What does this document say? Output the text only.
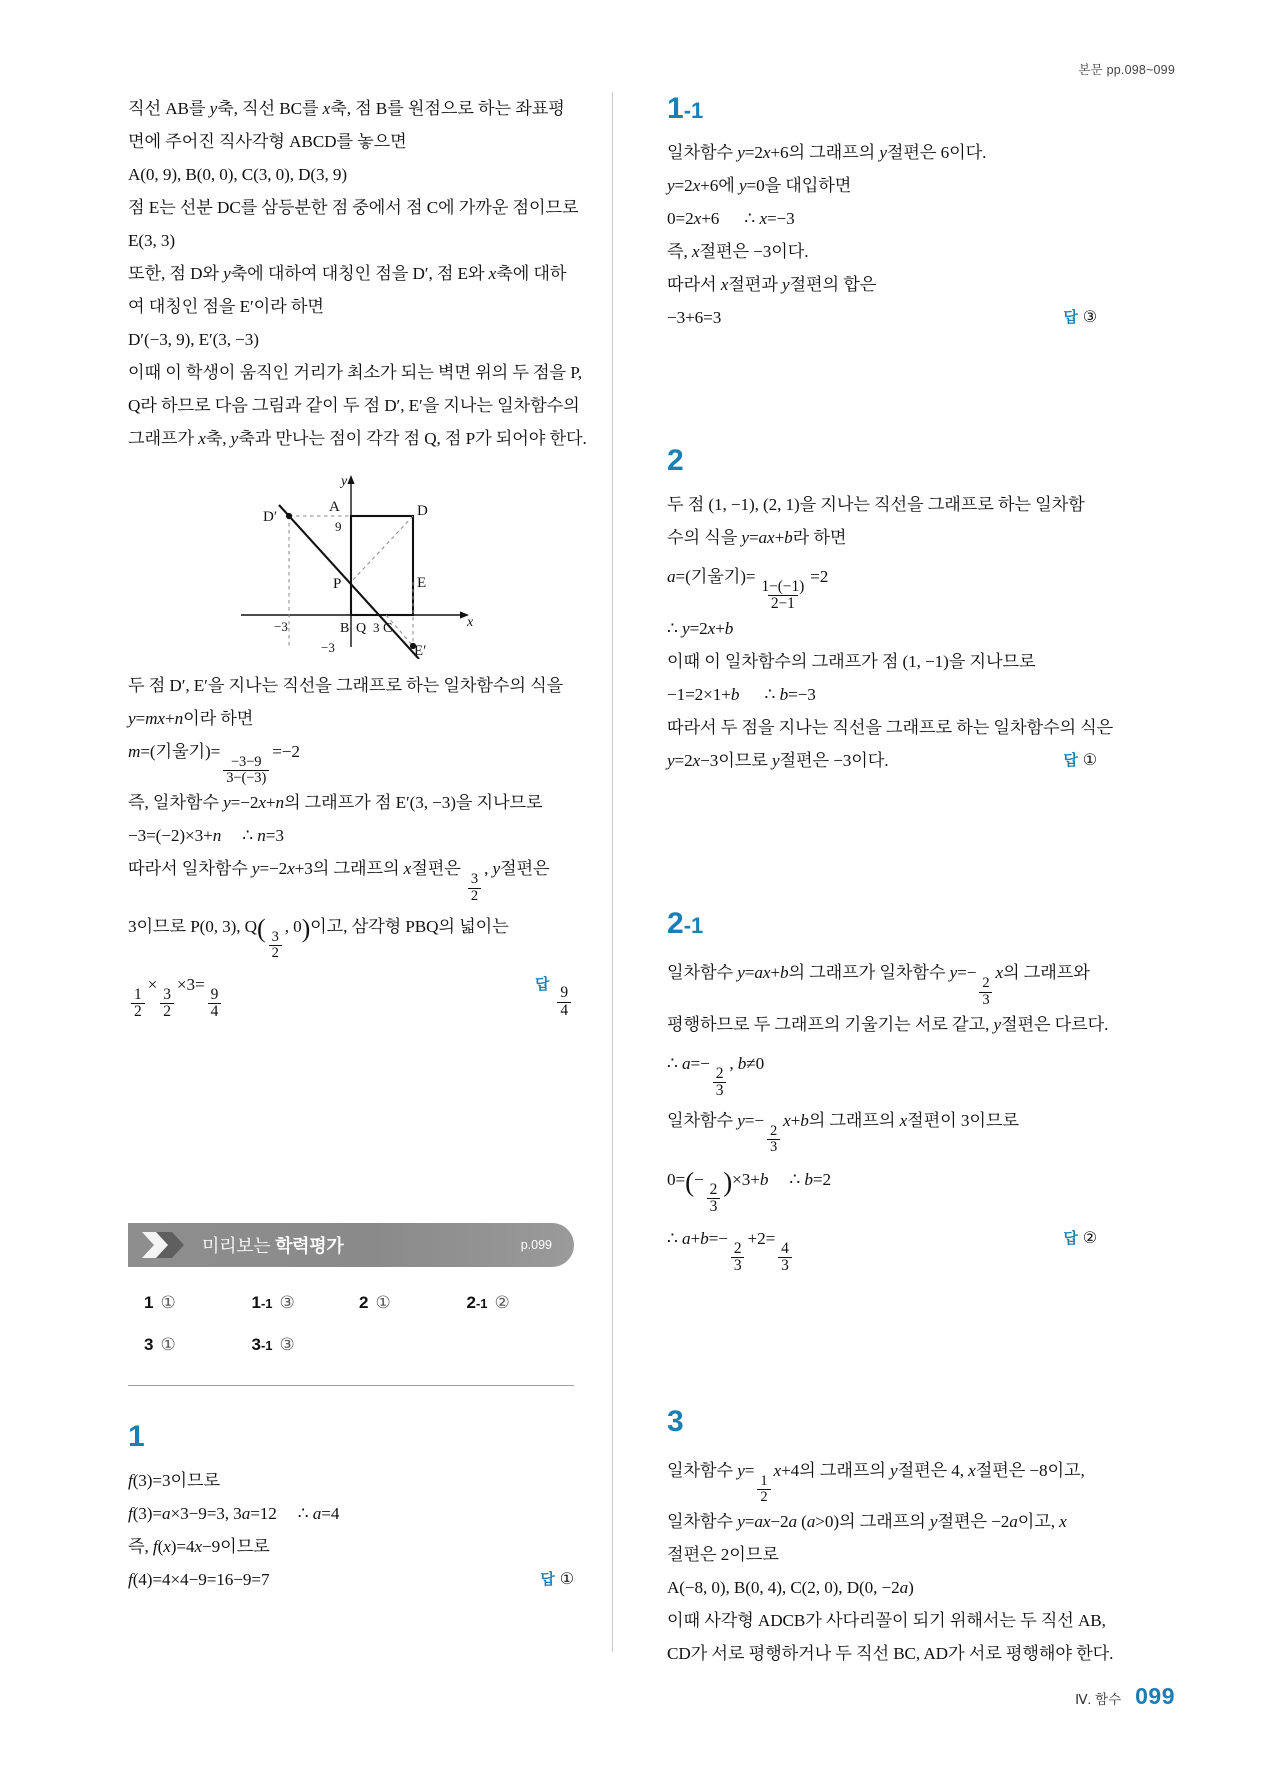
본문 pp.098~099
직선 AB를 y축, 직선 BC를 x축, 점 B를 원점으로 하는 좌표평
면에 주어진 직사각형 ABCD를 놓으면
A(0, 9), B(0, 0), C(3, 0), D(3, 9)
점 E는 선분 DC를 삼등분한 점 중에서 점 C에 가까운 점이므로
E(3, 3)
또한, 점 D와 y축에 대하여 대칭인 점을 D′, 점 E와 x축에 대하
여 대칭인 점을 E′이라 하면
D′(−3, 9), E′(3, −3)
이때 이 학생이 움직인 거리가 최소가 되는 벽면 위의 두 점을 P,
Q라 하므로 다음 그림과 같이 두 점 D′, E′을 지나는 일차함수의
그래프가 x축, y축과 만나는 점이 각각 점 Q, 점 P가 되어야 한다.
y
x
D′
A
9
D
E
P
E′
−3	B Q 3 C
−3
두 점 D′, E′을 지나는 직선을 그래프로 하는 일차함수의 식을
y=mx+n이라 하면
m=(기울기)=
$\frac{-3-9}{3-(-3)}$
=−2
즉, 일차함수 y=−2x+n의 그래프가 점 E′(3, −3)을 지나므로
−3=(−2)×3+n     ∴ n=3
따라서 일차함수 y=−2x+3의 그래프의 x절편은
$\frac{3}{2}$
, y절편은
3이므로 P(0, 3), Q(
$\frac{3}{2}$
, 0)이고, 삼각형 PBQ의 넓이는
$\frac{1}{2}$
×
$\frac{3}{2}$
×3=
$\frac{9}{4}$
답
$\frac{9}{4}$
미리보는 학력평가	p.099
1 ①	1-1 ③	2 ①	2-1 ②
3 ①	3-1 ③
1
f(3)=3이므로
f(3)=a×3−9=3, 3a=12     ∴ a=4
즉, f(x)=4x−9이므로
f(4)=4×4−9=16−9=7	답 ①
1-1
일차함수 y=2x+6의 그래프의 y절편은 6이다.
y=2x+6에 y=0을 대입하면
0=2x+6      ∴ x=−3
즉, x절편은 −3이다.
따라서 x절편과 y절편의 합은
−3+6=3	답 ③
2
두 점 (1, −1), (2, 1)을 지나는 직선을 그래프로 하는 일차함
수의 식을 y=ax+b라 하면
a=(기울기)=
$\frac{1-(-1)}{2-1}$
=2
∴ y=2x+b
이때 이 일차함수의 그래프가 점 (1, −1)을 지나므로
−1=2×1+b      ∴ b=−3
따라서 두 점을 지나는 직선을 그래프로 하는 일차함수의 식은
y=2x−3이므로 y절편은 −3이다.	답 ①
2-1
일차함수 y=ax+b의 그래프가 일차함수 y=−
$\frac{2}{3}$
x의 그래프와
평행하므로 두 그래프의 기울기는 서로 같고, y절편은 다르다.
∴ a=−
$\frac{2}{3}$
, b≠0
일차함수 y=−
$\frac{2}{3}$
x+b의 그래프의 x절편이 3이므로
0=(−
$\frac{2}{3} )\times 3+b$     ∴ b=2
∴ a+b=−
$\frac{2}{3}$
+2=
$\frac{4}{3}$
답 ②
3
일차함수 y=
$\frac{1}{2}$
x+4의 그래프의 y절편은 4, x절편은 −8이고,
일차함수 y=ax−2a (a>0)의 그래프의 y절편은 −2a이고, x
절편은 2이므로
A(−8, 0), B(0, 4), C(2, 0), D(0, −2a)
이때 사각형 ADCB가 사다리꼴이 되기 위해서는 두 직선 AB,
CD가 서로 평행하거나 두 직선 BC, AD가 서로 평행해야 한다.
Ⅳ. 함수 099
